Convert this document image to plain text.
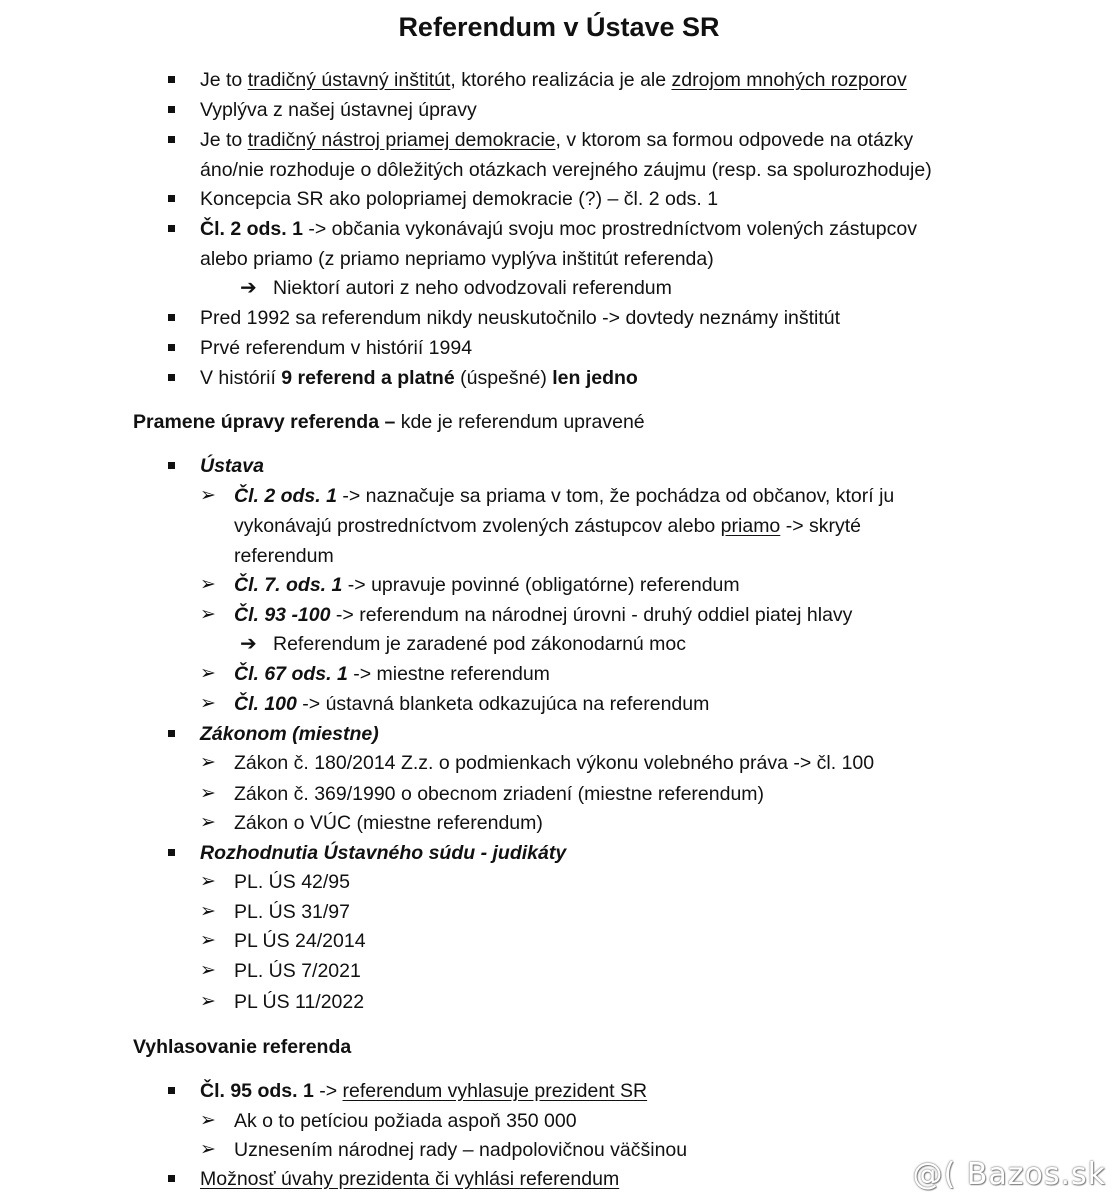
Referendum v Ústave SR
Je to tradičný ústavný inštitút, ktorého realizácia je ale zdrojom mnohých rozporov
Vyplýva z našej ústavnej úpravy
Je to tradičný nástroj priamej demokracie, v ktorom sa formou odpovede na otázky
áno/nie rozhoduje o dôležitých otázkach verejného záujmu (resp. sa spolurozhoduje)
Koncepcia SR ako polopriamej demokracie (?) – čl. 2 ods. 1
Čl. 2 ods. 1 -> občania vykonávajú svoju moc prostredníctvom volených zástupcov
alebo priamo (z priamo nepriamo vyplýva inštitút referenda)
➔ Niektorí autori z neho odvodzovali referendum
Pred 1992 sa referendum nikdy neuskutočnilo -> dovtedy neznámy inštitút
Prvé referendum v histórií 1994
V histórií 9 referend a platné (úspešné) len jedno
Pramene úpravy referenda – kde je referendum upravené
Ústava
➢ Čl. 2 ods. 1 -> naznačuje sa priama v tom, že pochádza od občanov, ktorí ju
vykonávajú prostredníctvom zvolených zástupcov alebo priamo -> skryté
referendum
➢ Čl. 7. ods. 1 -> upravuje povinné (obligatórne) referendum
➢ Čl. 93 -100 -> referendum na národnej úrovni - druhý oddiel piatej hlavy
➔ Referendum je zaradené pod zákonodarnú moc
➢ Čl. 67 ods. 1 -> miestne referendum
➢ Čl. 100 -> ústavná blanketa odkazujúca na referendum
Zákonom (miestne)
➢ Zákon č. 180/2014 Z.z. o podmienkach výkonu volebného práva -> čl. 100
➢ Zákon č. 369/1990 o obecnom zriadení (miestne referendum)
➢ Zákon o VÚC (miestne referendum)
Rozhodnutia Ústavného súdu - judikáty
➢ PL. ÚS 42/95
➢ PL. ÚS 31/97
➢ PL ÚS 24/2014
➢ PL. ÚS 7/2021
➢ PL ÚS 11/2022
Vyhlasovanie referenda
Čl. 95 ods. 1 -> referendum vyhlasuje prezident SR
➢ Ak o to petíciou požiada aspoň 350 000
➢ Uznesením národnej rady – nadpolovičnou väčšinou
Možnosť úvahy prezidenta či vyhlási referendum	@( Bazos.sk
